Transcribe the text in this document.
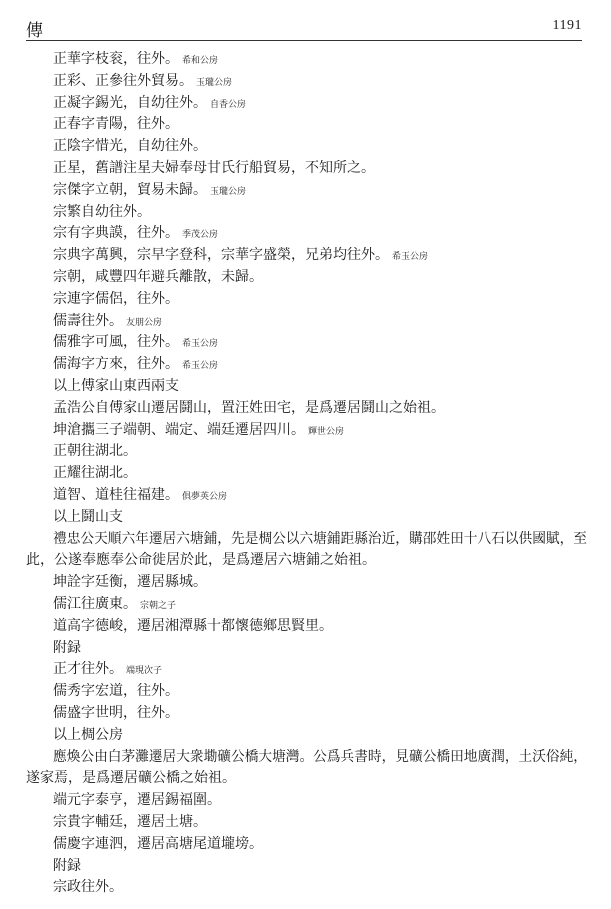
傳	1191
正華字枝衮，往外。 希和公房
正彩、正參往外貿易。 玉瓏公房
正凝字錫光，自幼往外。 自香公房
正春字青陽，往外。
正陰字惜光，自幼往外。
正星，舊譜注星夫婦奉母甘氏行船貿易，不知所之。
宗傑字立朝，貿易未歸。 玉瓏公房
宗繁自幼往外。
宗有字典謨，往外。 季茂公房
宗典字萬興，宗早字登科，宗華字盛榮，兄弟均往外。 希玉公房
宗朝，咸豐四年避兵離散，未歸。
宗連字儒侶，往外。
儒壽往外。 友朋公房
儒雅字可風，往外。 希玉公房
儒海字方來，往外。 希玉公房
以上傅家山東西兩支
孟浩公自傅家山遷居鬪山，置汪姓田宅，是爲遷居鬪山之始祖。
坤滄攜三子端朝、端定、端廷遷居四川。 輝世公房
正朝往湖北。
正耀往湖北。
道智、道桂往福建。 俱夢英公房
以上鬪山支
禮忠公天順六年遷居六塘鋪，先是椆公以六塘鋪距縣治近，購邵姓田十八石以供國賦，至
此，公遂奉應奉公命徙居於此，是爲遷居六塘鋪之始祖。
坤詮字廷衡，遷居縣城。
儒江往廣東。 宗朝之子
道高字德峻，遷居湘潭縣十都懷德鄉思賢里。
附録
正才往外。 端現次子
儒秀字宏道，往外。
儒盛字世明，往外。
以上椆公房
應煥公由白茅灘遷居大衆墈礦公橋大塘灣。公爲兵書時，見礦公橋田地廣潤，土沃俗純，
遂家焉，是爲遷居礦公橋之始祖。
端元字泰亨，遷居錫福圍。
宗貴字輔廷，遷居土塘。
儒慶字連泗，遷居高塘尾道壠塝。
附録
宗政往外。
